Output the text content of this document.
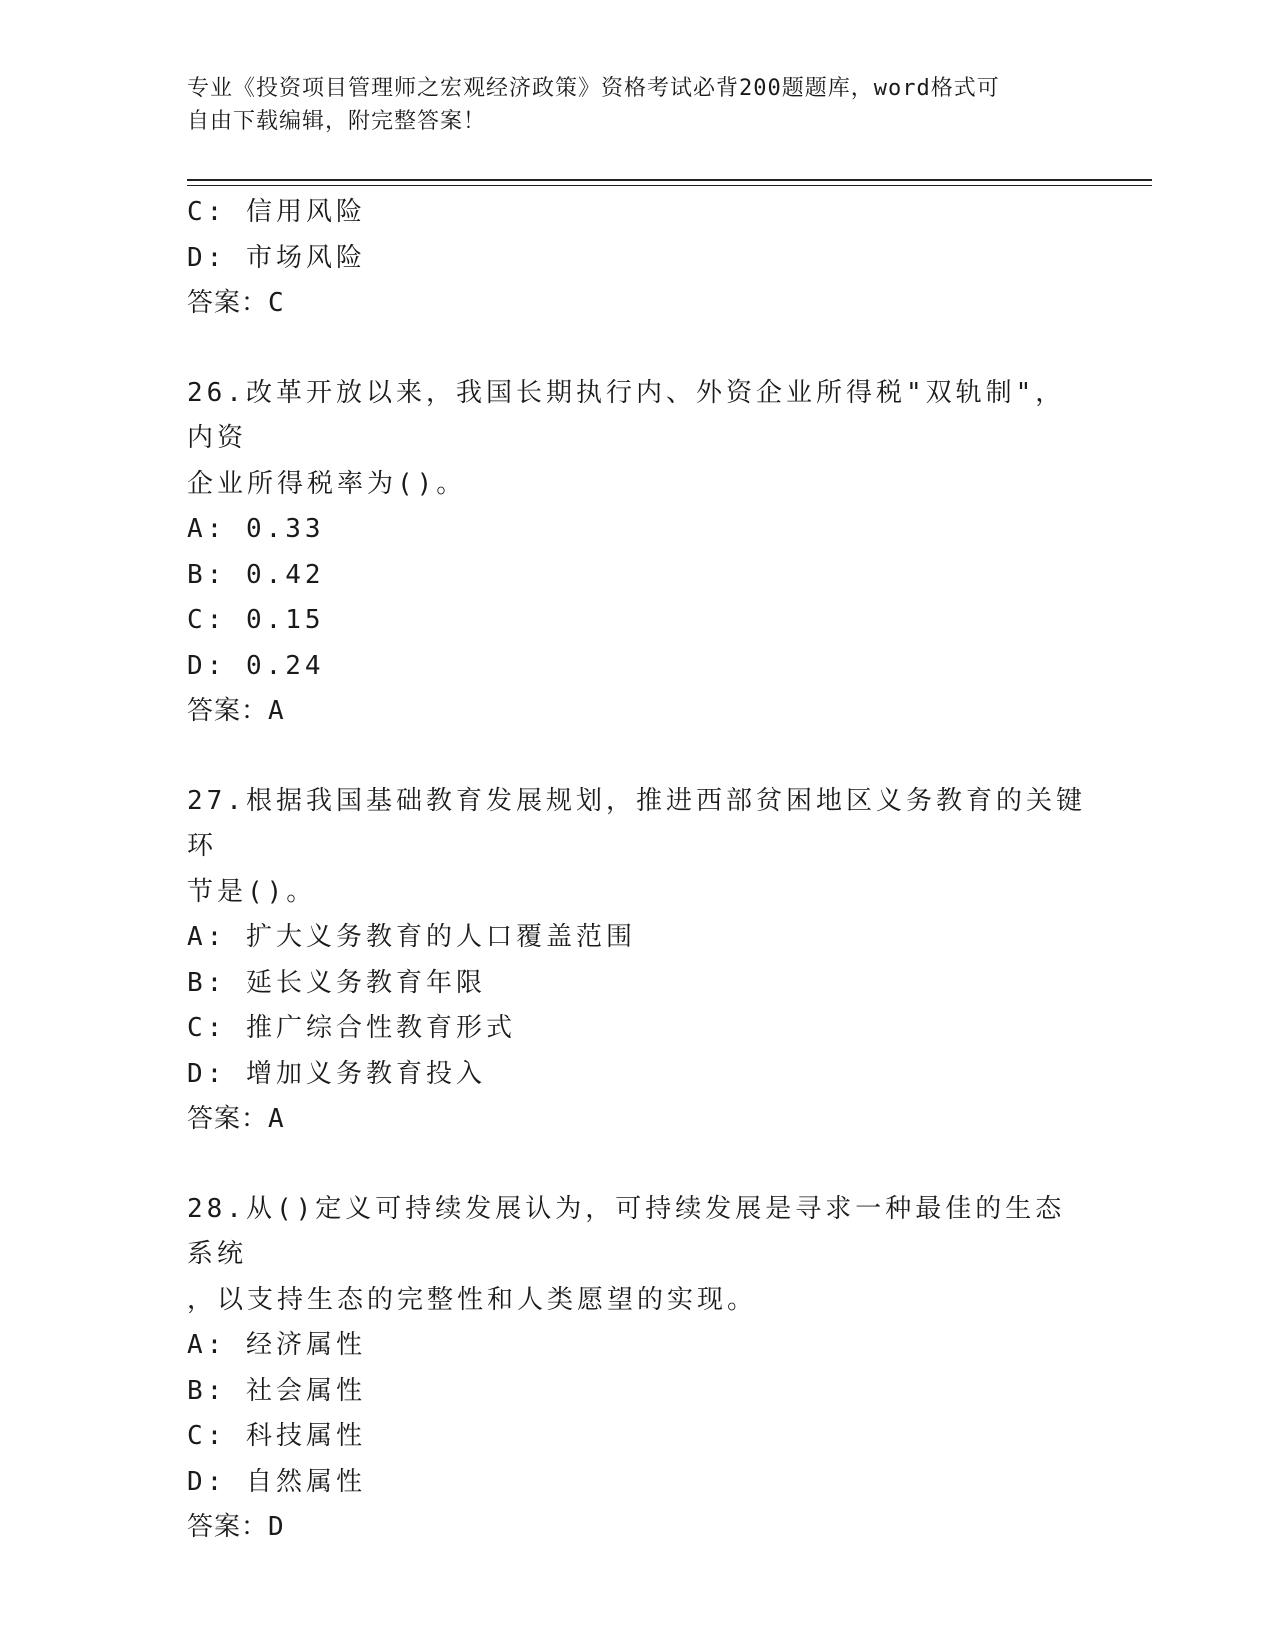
专业《投资项目管理师之宏观经济政策》资格考试必背200题题库，word格式可
自由下载编辑，附完整答案！
C: 信用风险
D: 市场风险
答案：C
26.改革开放以来，我国长期执行内、外资企业所得税"双轨制"，内资
企业所得税率为()。
A: 0.33
B: 0.42
C: 0.15
D: 0.24
答案：A
27.根据我国基础教育发展规划，推进西部贫困地区义务教育的关键环
节是()。
A: 扩大义务教育的人口覆盖范围
B: 延长义务教育年限
C: 推广综合性教育形式
D: 增加义务教育投入
答案：A
28.从()定义可持续发展认为，可持续发展是寻求一种最佳的生态系统
，以支持生态的完整性和人类愿望的实现。
A: 经济属性
B: 社会属性
C: 科技属性
D: 自然属性
答案：D
